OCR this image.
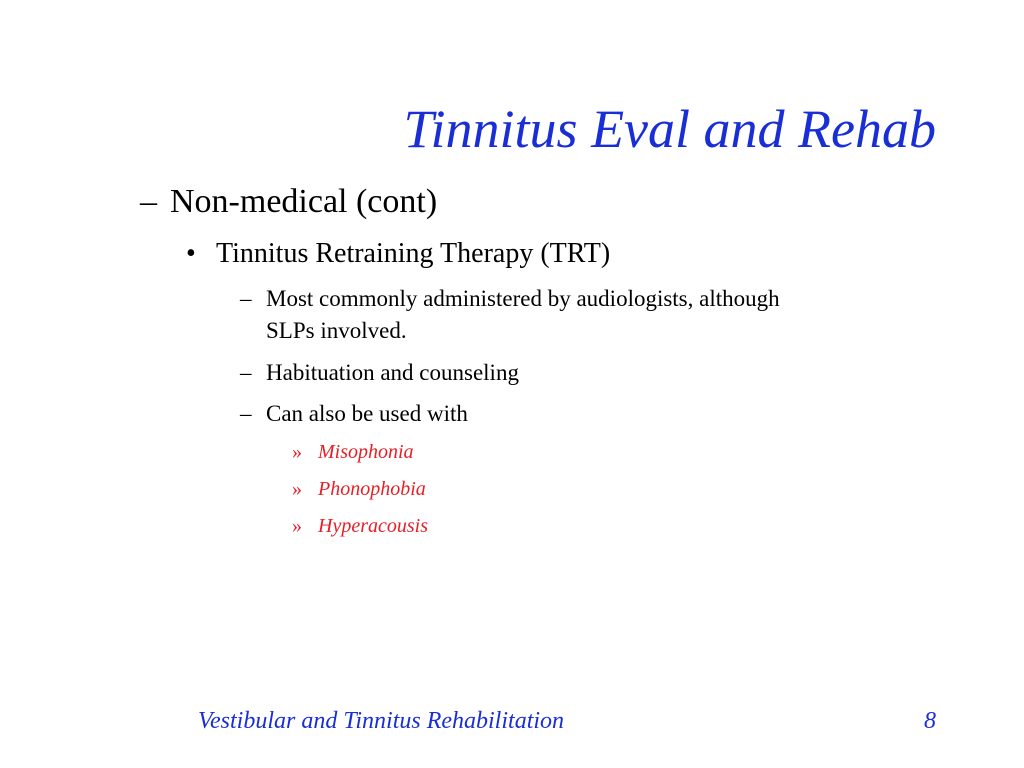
Tinnitus Eval and Rehab
– Non-medical (cont)
• Tinnitus Retraining Therapy (TRT)
– Most commonly administered by audiologists, although
SLPs involved.
– Habituation and counseling
– Can also be used with
» Misophonia
» Phonophobia
» Hyperacousis
Vestibular and Tinnitus Rehabilitation	8
